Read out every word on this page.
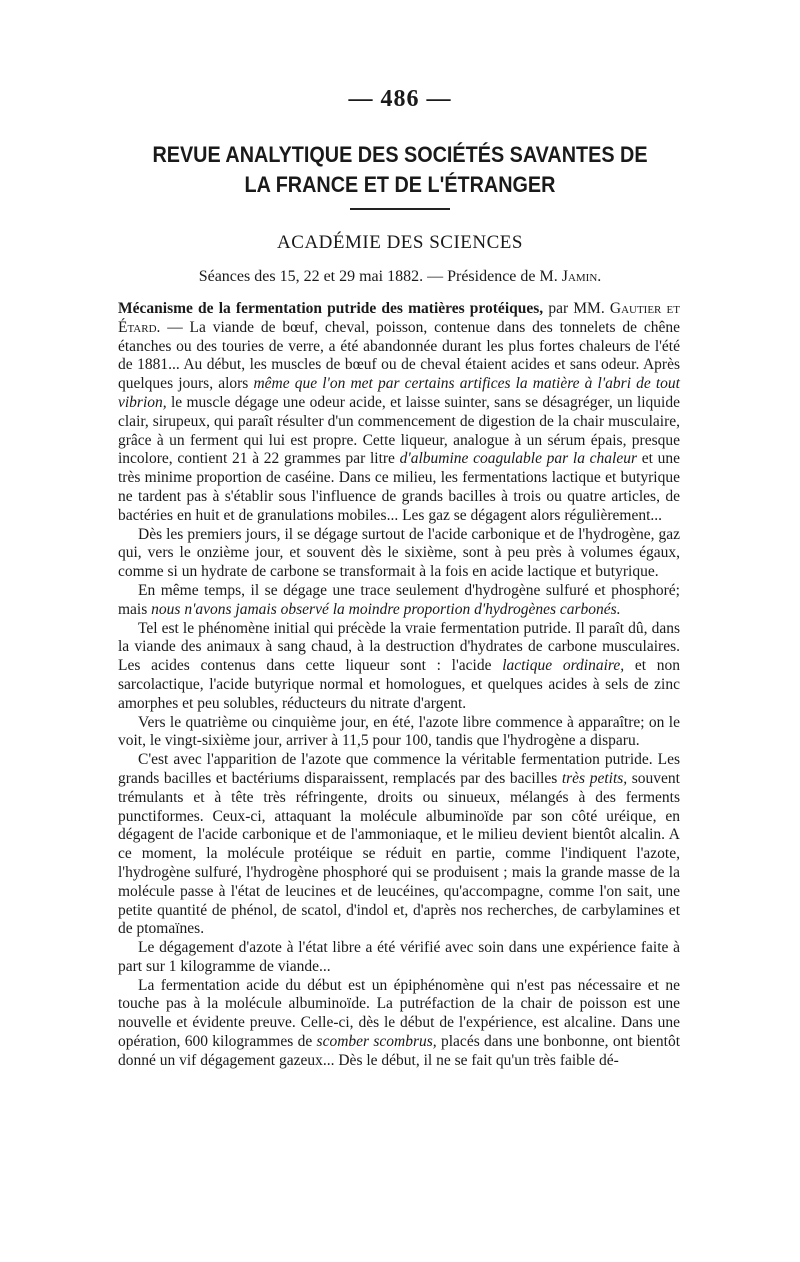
— 486 —
REVUE ANALYTIQUE DES SOCIÉTÉS SAVANTES DE LA FRANCE ET DE L'ÉTRANGER
ACADÉMIE DES SCIENCES
Séances des 15, 22 et 29 mai 1882. — Présidence de M. Jamin.

Mécanisme de la fermentation putride des matières protéiques, par MM. Gautier et Étard. — La viande de bœuf, cheval, poisson, contenue dans des tonnelets de chêne étanches ou des touries de verre, a été abandonnée durant les plus fortes chaleurs de l'été de 1881... Au début, les muscles de bœuf ou de cheval étaient acides et sans odeur. Après quelques jours, alors même que l'on met par certains artifices la matière à l'abri de tout vibrion, le muscle dégage une odeur acide, et laisse suinter, sans se désagréger, un liquide clair, sirupeux, qui paraît résulter d'un commencement de digestion de la chair musculaire, grâce à un ferment qui lui est propre. Cette liqueur, analogue à un sérum épais, presque incolore, contient 21 à 22 grammes par litre d'albumine coagulable par la chaleur et une très minime proportion de caséine. Dans ce milieu, les fermentations lactique et butyrique ne tardent pas à s'établir sous l'influence de grands bacilles à trois ou quatre articles, de bactéries en huit et de granulations mobiles... Les gaz se dégagent alors régulièrement...

Dès les premiers jours, il se dégage surtout de l'acide carbonique et de l'hydrogène, gaz qui, vers le onzième jour, et souvent dès le sixième, sont à peu près à volumes égaux, comme si un hydrate de carbone se transformait à la fois en acide lactique et butyrique.

En même temps, il se dégage une trace seulement d'hydrogène sulfuré et phosphoré; mais nous n'avons jamais observé la moindre proportion d'hydrogènes carbonés.

Tel est le phénomène initial qui précède la vraie fermentation putride. Il paraît dû, dans la viande des animaux à sang chaud, à la destruction d'hydrates de carbone musculaires. Les acides contenus dans cette liqueur sont : l'acide lactique ordinaire, et non sarcolactique, l'acide butyrique normal et homologues, et quelques acides à sels de zinc amorphes et peu solubles, réducteurs du nitrate d'argent.

Vers le quatrième ou cinquième jour, en été, l'azote libre commence à apparaître; on le voit, le vingt-sixième jour, arriver à 11,5 pour 100, tandis que l'hydrogène a disparu.

C'est avec l'apparition de l'azote que commence la véritable fermentation putride. Les grands bacilles et bactériums disparaissent, remplacés par des bacilles très petits, souvent trémulants et à tête très réfringente, droits ou sinueux, mélangés à des ferments punctiformes. Ceux-ci, attaquant la molécule albuminoïde par son côté uréique, en dégagent de l'acide carbonique et de l'ammoniaque, et le milieu devient bientôt alcalin. A ce moment, la molécule protéique se réduit en partie, comme l'indiquent l'azote, l'hydrogène sulfuré, l'hydrogène phosphoré qui se produisent ; mais la grande masse de la molécule passe à l'état de leucines et de leucéines, qu'accompagne, comme l'on sait, une petite quantité de phénol, de scatol, d'indol et, d'après nos recherches, de carbylamines et de ptomaïnes.

Le dégagement d'azote à l'état libre a été vérifié avec soin dans une expérience faite à part sur 1 kilogramme de viande...

La fermentation acide du début est un épiphénomène qui n'est pas nécessaire et ne touche pas à la molécule albuminoïde. La putréfaction de la chair de poisson est une nouvelle et évidente preuve. Celle-ci, dès le début de l'expérience, est alcaline. Dans une opération, 600 kilogrammes de scomber scombrus, placés dans une bonbonne, ont bientôt donné un vif dégagement gazeux... Dès le début, il ne se fait qu'un très faible dé-
